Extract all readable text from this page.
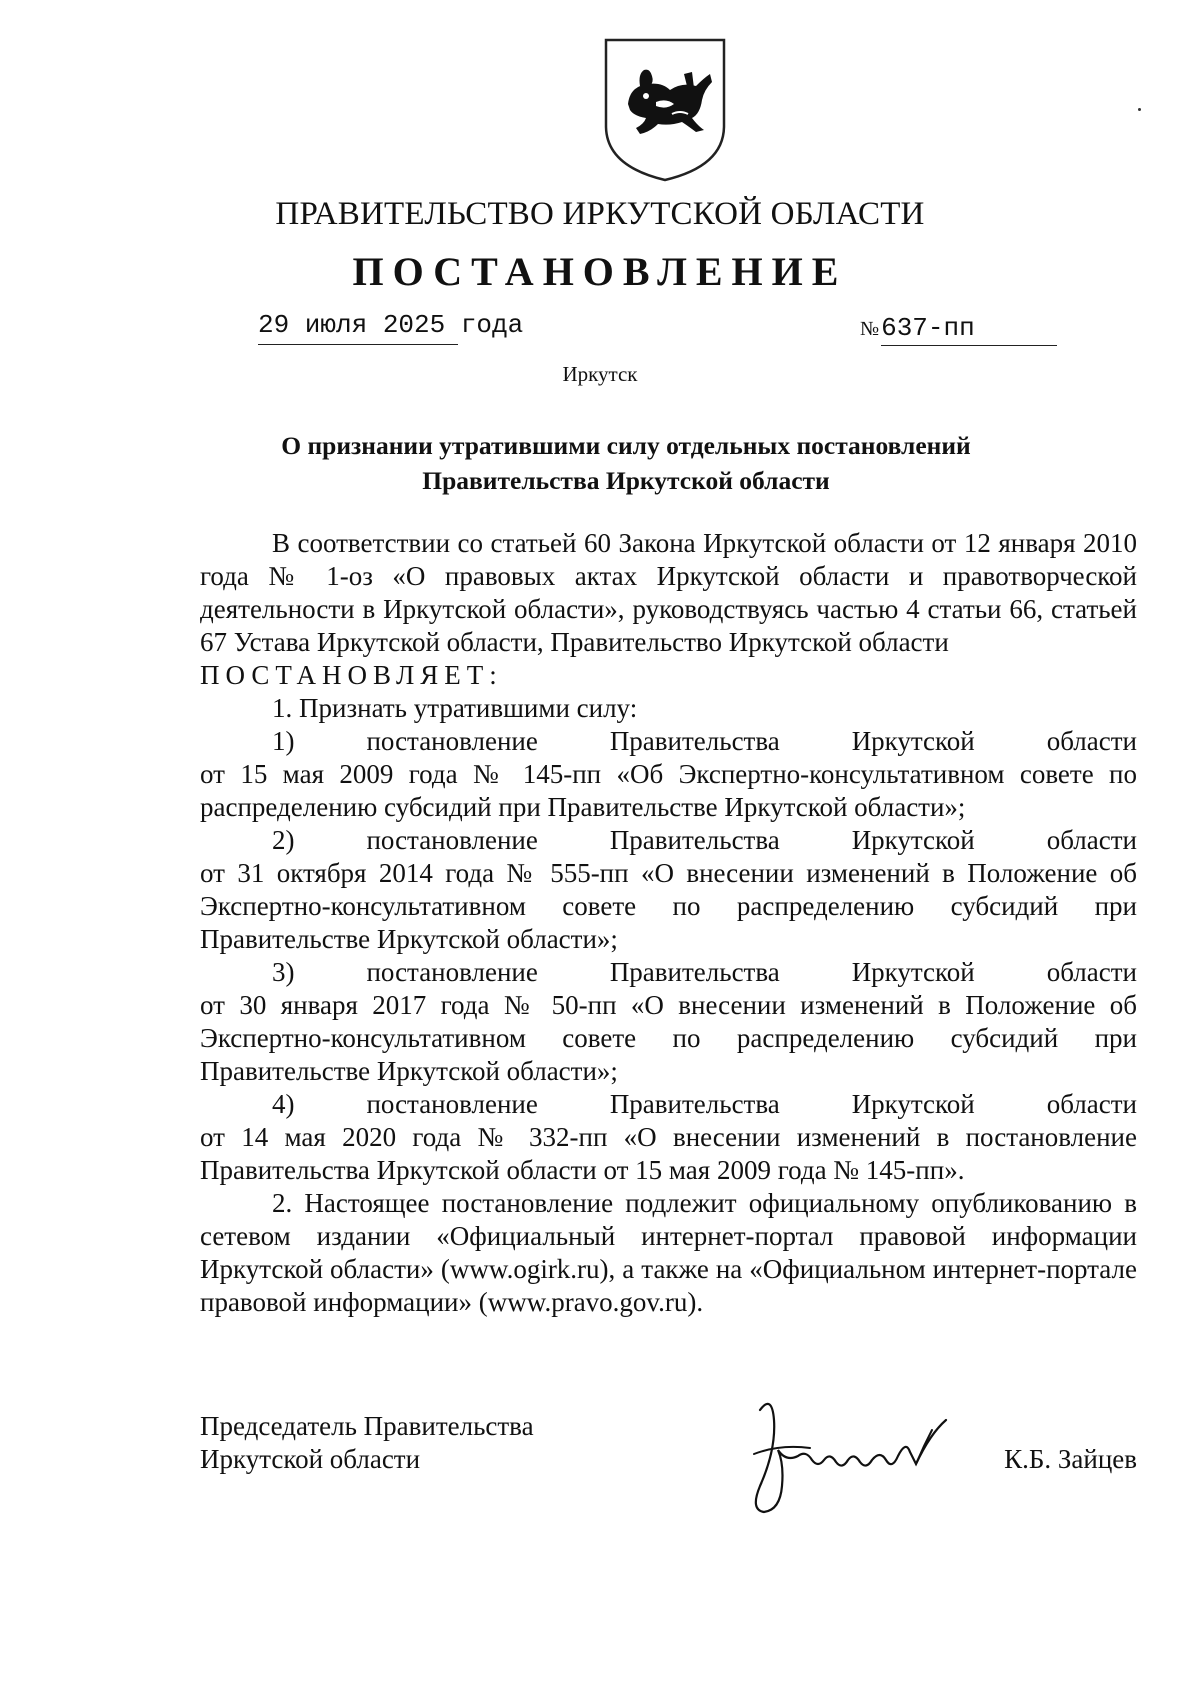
ПРАВИТЕЛЬСТВО ИРКУТСКОЙ ОБЛАСТИ
ПОСТАНОВЛЕНИЕ
29 июля 2025 года	№637-пп
Иркутск
О признании утратившими силу отдельных постановлений
Правительства Иркутской области

В соответствии со статьей 60 Закона Иркутской области от 12 января 2010 года № 1-оз «О правовых актах Иркутской области и правотворческой деятельности в Иркутской области», руководствуясь частью 4 статьи 66, статьей 67 Устава Иркутской области, Правительство Иркутской области

ПОСТАНОВЛЯЕТ:

1. Признать утратившими силу:

1)	постановление	Правительства	Иркутской	области

от 15 мая 2009 года № 145-пп «Об Экспертно-консультативном совете по распределению субсидий при Правительстве Иркутской области»;

2)	постановление	Правительства	Иркутской	области

от 31 октября 2014 года № 555-пп «О внесении изменений в Положение об Экспертно-консультативном совете по распределению субсидий при Правительстве Иркутской области»;

3)	постановление	Правительства	Иркутской	области

от 30 января 2017 года № 50-пп «О внесении изменений в Положение об Экспертно-консультативном совете по распределению субсидий при Правительстве Иркутской области»;

4)	постановление	Правительства	Иркутской	области

от 14 мая 2020 года № 332-пп «О внесении изменений в постановление Правительства Иркутской области от 15 мая 2009 года № 145-пп».

2. Настоящее постановление подлежит официальному опубликованию в сетевом издании «Официальный интернет-портал правовой информации Иркутской области» (www.ogirk.ru), а также на «Официальном интернет-портале правовой информации» (www.pravo.gov.ru).

Председатель Правительства
Иркутской области	К.Б. Зайцев
